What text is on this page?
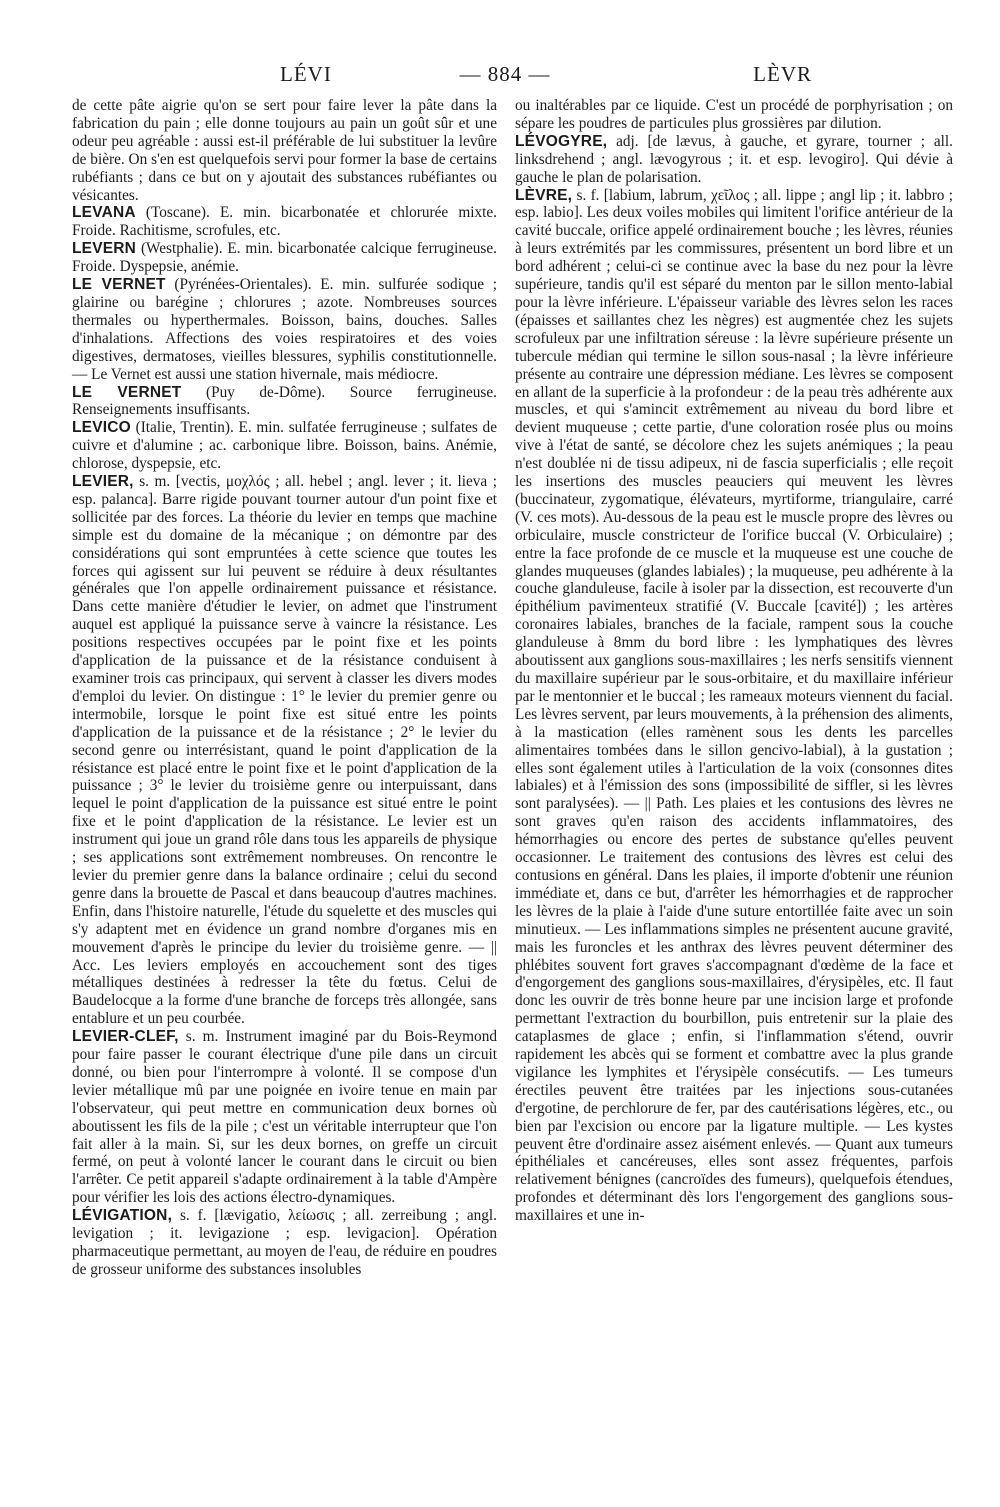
LÉVI	— 884 —	LÈVR

de cette pâte aigrie qu'on se sert pour faire lever la pâte dans la fabrication du pain ; elle donne toujours au pain un goût sûr et une odeur peu agréable : aussi est-il préférable de lui substituer la levûre de bière. On s'en est quelquefois servi pour former la base de certains rubéfiants ; dans ce but on y ajoutait des substances rubéfiantes ou vésicantes.

LEVANA (Toscane). E. min. bicarbonatée et chlorurée mixte. Froide. Rachitisme, scrofules, etc.

LEVERN (Westphalie). E. min. bicarbonatée calcique ferrugineuse. Froide. Dyspepsie, anémie.

LE VERNET (Pyrénées-Orientales). E. min. sulfurée sodique ; glairine ou barégine ; chlorures ; azote. Nombreuses sources thermales ou hyperthermales. Boisson, bains, douches. Salles d'inhalations. Affections des voies respiratoires et des voies digestives, dermatoses, vieilles blessures, syphilis constitutionnelle. — Le Vernet est aussi une station hivernale, mais médiocre.

LE VERNET (Puy de-Dôme). Source ferrugineuse. Renseignements insuffisants.

LEVICO (Italie, Trentin). E. min. sulfatée ferrugineuse ; sulfates de cuivre et d'alumine ; ac. carbonique libre. Boisson, bains. Anémie, chlorose, dyspepsie, etc.

LEVIER, s. m. [vectis, μοχλός ; all. hebel ; angl. lever ; it. lieva ; esp. palanca]. Barre rigide pouvant tourner autour d'un point fixe et sollicitée par des forces. La théorie du levier en temps que machine simple est du domaine de la mécanique ; on démontre par des considérations qui sont empruntées à cette science que toutes les forces qui agissent sur lui peuvent se réduire à deux résultantes générales que l'on appelle ordinairement puissance et résistance. Dans cette manière d'étudier le levier, on admet que l'instrument auquel est appliqué la puissance serve à vaincre la résistance. Les positions respectives occupées par le point fixe et les points d'application de la puissance et de la résistance conduisent à examiner trois cas principaux, qui servent à classer les divers modes d'emploi du levier. On distingue : 1° le levier du premier genre ou intermobile, lorsque le point fixe est situé entre les points d'application de la puissance et de la résistance ; 2° le levier du second genre ou interrésistant, quand le point d'application de la résistance est placé entre le point fixe et le point d'application de la puissance ; 3° le levier du troisième genre ou interpuissant, dans lequel le point d'application de la puissance est situé entre le point fixe et le point d'application de la résistance. Le levier est un instrument qui joue un grand rôle dans tous les appareils de physique ; ses applications sont extrêmement nombreuses. On rencontre le levier du premier genre dans la balance ordinaire ; celui du second genre dans la brouette de Pascal et dans beaucoup d'autres machines. Enfin, dans l'histoire naturelle, l'étude du squelette et des muscles qui s'y adaptent met en évidence un grand nombre d'organes mis en mouvement d'après le principe du levier du troisième genre. — || Acc. Les leviers employés en accouchement sont des tiges métalliques destinées à redresser la tête du fœtus. Celui de Baudelocque a la forme d'une branche de forceps très allongée, sans entablure et un peu courbée.

LEVIER-CLEF, s. m. Instrument imaginé par du Bois-Reymond pour faire passer le courant électrique d'une pile dans un circuit donné, ou bien pour l'interrompre à volonté. Il se compose d'un levier métallique mû par une poignée en ivoire tenue en main par l'observateur, qui peut mettre en communication deux bornes où aboutissent les fils de la pile ; c'est un véritable interrupteur que l'on fait aller à la main. Si, sur les deux bornes, on greffe un circuit fermé, on peut à volonté lancer le courant dans le circuit ou bien l'arrêter. Ce petit appareil s'adapte ordinairement à la table d'Ampère pour vérifier les lois des actions électro-dynamiques.

LÉVIGATION, s. f. [lævigatio, λείωσις ; all. zerreibung ; angl. levigation ; it. levigazione ; esp. levigacion]. Opération pharmaceutique permettant, au moyen de l'eau, de réduire en poudres de grosseur uniforme des substances insolubles

ou inaltérables par ce liquide. C'est un procédé de porphyrisation ; on sépare les poudres de particules plus grossières par dilution.

LÉVOGYRE, adj. [de lævus, à gauche, et gyrare, tourner ; all. linksdrehend ; angl. lævogyrous ; it. et esp. levogiro]. Qui dévie à gauche le plan de polarisation.

LÈVRE, s. f. [labium, labrum, χεῖλος ; all. lippe ; angl lip ; it. labbro ; esp. labio]. Les deux voiles mobiles qui limitent l'orifice antérieur de la cavité buccale, orifice appelé ordinairement bouche ; les lèvres, réunies à leurs extrémités par les commissures, présentent un bord libre et un bord adhérent ; celui-ci se continue avec la base du nez pour la lèvre supérieure, tandis qu'il est séparé du menton par le sillon mento-labial pour la lèvre inférieure. L'épaisseur variable des lèvres selon les races (épaisses et saillantes chez les nègres) est augmentée chez les sujets scrofuleux par une infiltration séreuse : la lèvre supérieure présente un tubercule médian qui termine le sillon sous-nasal ; la lèvre inférieure présente au contraire une dépression médiane. Les lèvres se composent en allant de la superficie à la profondeur : de la peau très adhérente aux muscles, et qui s'amincit extrêmement au niveau du bord libre et devient muqueuse ; cette partie, d'une coloration rosée plus ou moins vive à l'état de santé, se décolore chez les sujets anémiques ; la peau n'est doublée ni de tissu adipeux, ni de fascia superficialis ; elle reçoit les insertions des muscles peauciers qui meuvent les lèvres (buccinateur, zygomatique, élévateurs, myrtiforme, triangulaire, carré (V. ces mots). Au-dessous de la peau est le muscle propre des lèvres ou orbiculaire, muscle constricteur de l'orifice buccal (V. Orbiculaire) ; entre la face profonde de ce muscle et la muqueuse est une couche de glandes muqueuses (glandes labiales) ; la muqueuse, peu adhérente à la couche glanduleuse, facile à isoler par la dissection, est recouverte d'un épithélium pavimenteux stratifié (V. Buccale [cavité]) ; les artères coronaires labiales, branches de la faciale, rampent sous la couche glanduleuse à 8mm du bord libre : les lymphatiques des lèvres aboutissent aux ganglions sous-maxillaires ; les nerfs sensitifs viennent du maxillaire supérieur par le sous-orbitaire, et du maxillaire inférieur par le mentonnier et le buccal ; les rameaux moteurs viennent du facial. Les lèvres servent, par leurs mouvements, à la préhension des aliments, à la mastication (elles ramènent sous les dents les parcelles alimentaires tombées dans le sillon gencivo-labial), à la gustation ; elles sont également utiles à l'articulation de la voix (consonnes dites labiales) et à l'émission des sons (impossibilité de siffler, si les lèvres sont paralysées). — || Path. Les plaies et les contusions des lèvres ne sont graves qu'en raison des accidents inflammatoires, des hémorrhagies ou encore des pertes de substance qu'elles peuvent occasionner. Le traitement des contusions des lèvres est celui des contusions en général. Dans les plaies, il importe d'obtenir une réunion immédiate et, dans ce but, d'arrêter les hémorrhagies et de rapprocher les lèvres de la plaie à l'aide d'une suture entortillée faite avec un soin minutieux. — Les inflammations simples ne présentent aucune gravité, mais les furoncles et les anthrax des lèvres peuvent déterminer des phlébites souvent fort graves s'accompagnant d'œdème de la face et d'engorgement des ganglions sous-maxillaires, d'érysipèles, etc. Il faut donc les ouvrir de très bonne heure par une incision large et profonde permettant l'extraction du bourbillon, puis entretenir sur la plaie des cataplasmes de glace ; enfin, si l'inflammation s'étend, ouvrir rapidement les abcès qui se forment et combattre avec la plus grande vigilance les lymphites et l'érysipèle consécutifs. — Les tumeurs érectiles peuvent être traitées par les injections sous-cutanées d'ergotine, de perchlorure de fer, par des cautérisations légères, etc., ou bien par l'excision ou encore par la ligature multiple. — Les kystes peuvent être d'ordinaire assez aisément enlevés. — Quant aux tumeurs épithéliales et cancéreuses, elles sont assez fréquentes, parfois relativement bénignes (cancroïdes des fumeurs), quelquefois étendues, profondes et déterminant dès lors l'engorgement des ganglions sous-maxillaires et une in-
